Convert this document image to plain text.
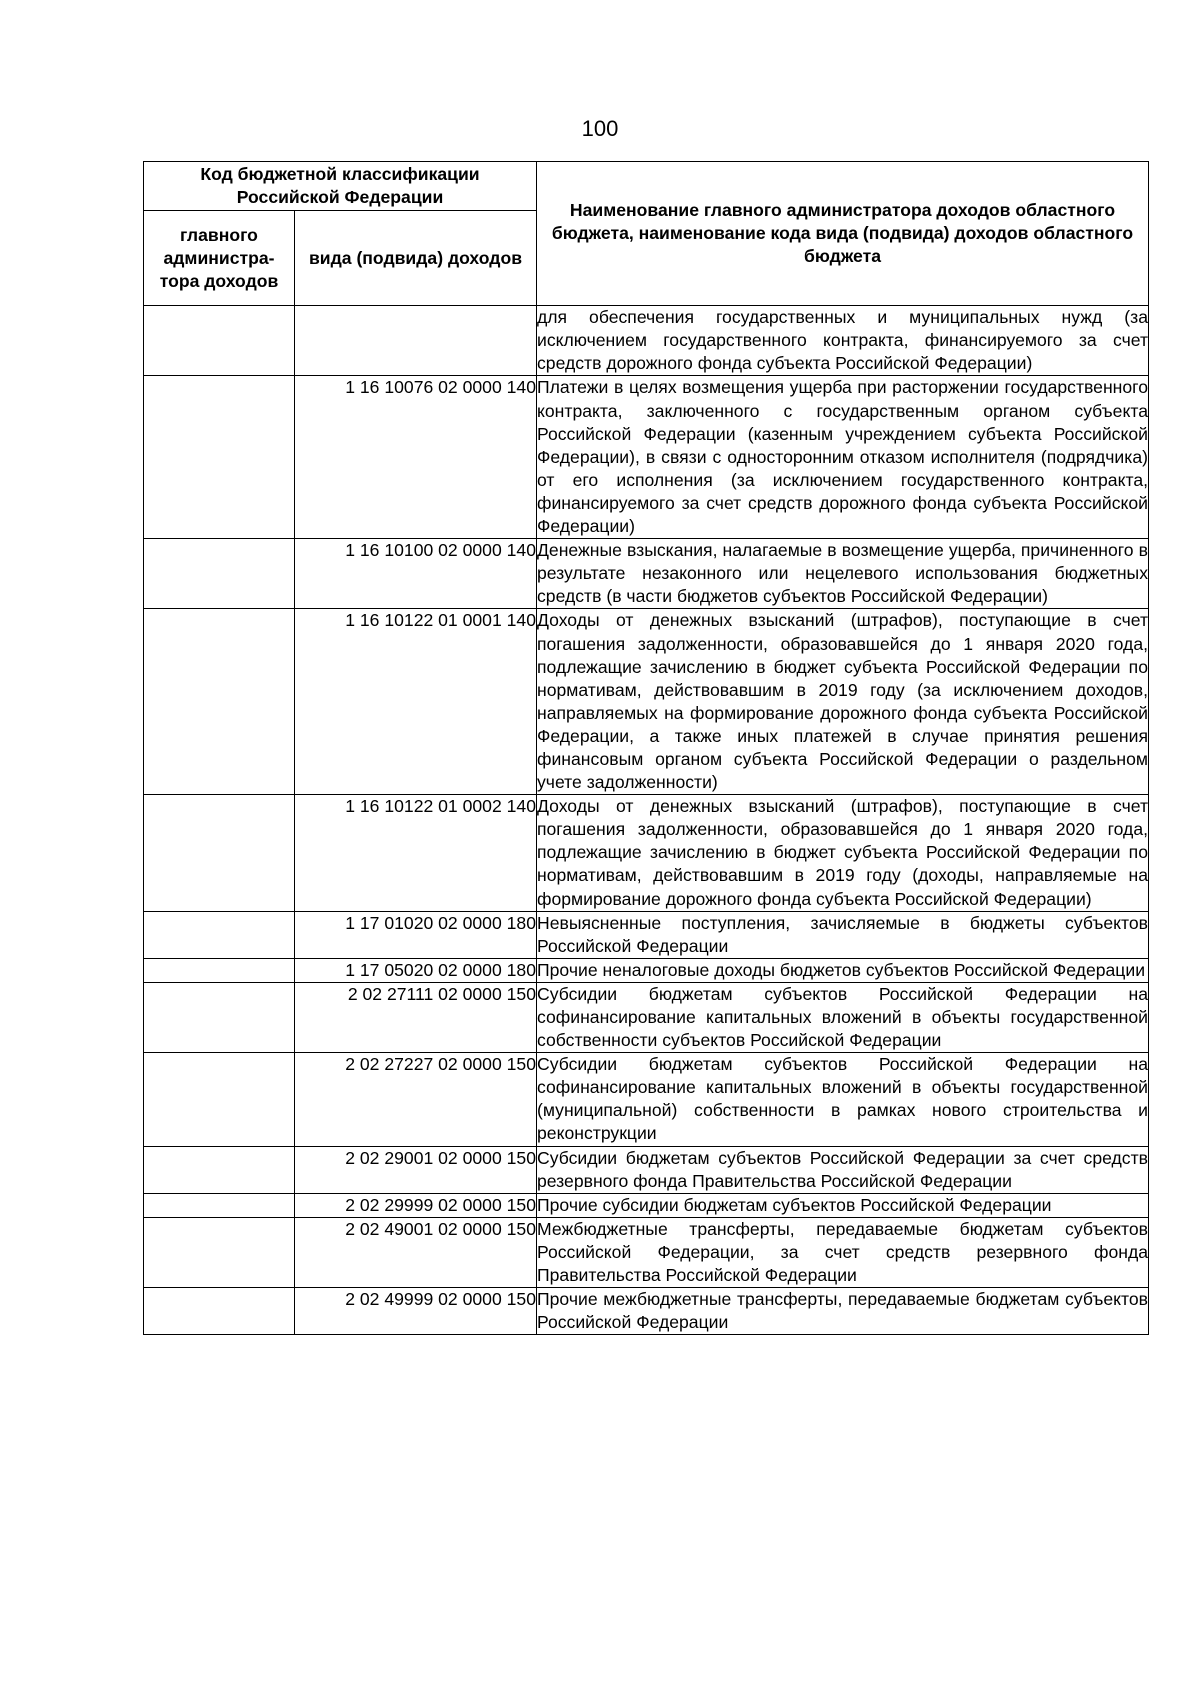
100
Код бюджетной классификации Российской Федерации		Наименование главного администратора доходов областного бюджета, наименование кода вида (подвида) доходов областного бюджета
главного администра-тора доходов	вида (подвида) доходов	
		для обеспечения государственных и муниципальных нужд (за исключением государственного контракта, финансируемого за счет средств дорожного фонда субъекта Российской Федерации)
	1 16 10076 02 0000 140	Платежи в целях возмещения ущерба при расторжении государственного контракта, заключенного с государственным органом субъекта Российской Федерации (казенным учреждением субъекта Российской Федерации), в связи с односторонним отказом исполнителя (подрядчика) от его исполнения (за исключением государственного контракта, финансируемого за счет средств дорожного фонда субъекта Российской Федерации)
	1 16 10100 02 0000 140	Денежные взыскания, налагаемые в возмещение ущерба, причиненного в результате незаконного или нецелевого использования бюджетных средств (в части бюджетов субъектов Российской Федерации)
	1 16 10122 01 0001 140	Доходы от денежных взысканий (штрафов), поступающие в счет погашения задолженности, образовавшейся до 1 января 2020 года, подлежащие зачислению в бюджет субъекта Российской Федерации по нормативам, действовавшим в 2019 году (за исключением доходов, направляемых на формирование дорожного фонда субъекта Российской Федерации, а также иных платежей в случае принятия решения финансовым органом субъекта Российской Федерации о раздельном учете задолженности)
	1 16 10122 01 0002 140	Доходы от денежных взысканий (штрафов), поступающие в счет погашения задолженности, образовавшейся до 1 января 2020 года, подлежащие зачислению в бюджет субъекта Российской Федерации по нормативам, действовавшим в 2019 году (доходы, направляемые на формирование дорожного фонда субъекта Российской Федерации)
	1 17 01020 02 0000 180	Невыясненные поступления, зачисляемые в бюджеты субъектов Российской Федерации
	1 17 05020 02 0000 180	Прочие неналоговые доходы бюджетов субъектов Российской Федерации
	2 02 27111 02 0000 150	Субсидии бюджетам субъектов Российской Федерации на софинансирование капитальных вложений в объекты государственной собственности субъектов Российской Федерации
	2 02 27227 02 0000 150	Субсидии бюджетам субъектов Российской Федерации на софинансирование капитальных вложений в объекты государственной (муниципальной) собственности в рамках нового строительства и реконструкции
	2 02 29001 02 0000 150	Субсидии бюджетам субъектов Российской Федерации за счет средств резервного фонда Правительства Российской Федерации
	2 02 29999 02 0000 150	Прочие субсидии бюджетам субъектов Российской Федерации
	2 02 49001 02 0000 150	Межбюджетные трансферты, передаваемые бюджетам субъектов Российской Федерации, за счет средств резервного фонда Правительства Российской Федерации
	2 02 49999 02 0000 150	Прочие межбюджетные трансферты, передаваемые бюджетам субъектов Российской Федерации
